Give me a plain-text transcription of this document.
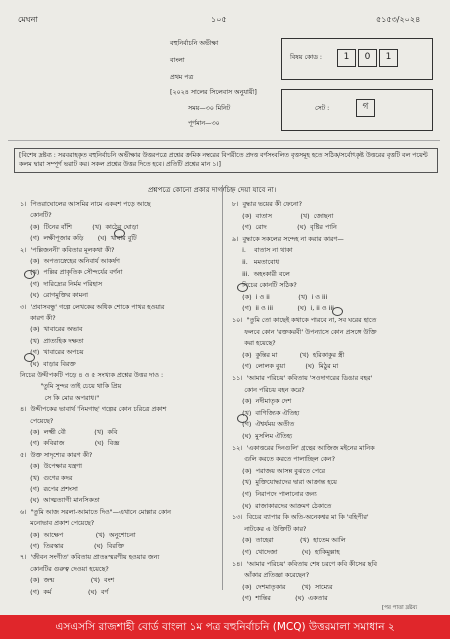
মেঘনা	১০৫	৫১৫৩/২০২৪
বহুনির্বাচনি অভীক্ষা
বাংলা
প্রথম পত্র
[২০২৪ সালের সিলেবাস অনুযায়ী]
সময়—৩০ মিনিট
পূর্ণমান—৩০
বিষয় কোড :	1	0	1
সেট :	গ
[বিশেষ দ্রষ্টব্য : সরবরাহকৃত বহুনির্বাচনি অভীক্ষার উত্তরপত্রে প্রশ্নের ক্রমিক নম্বরের বিপরীতে প্রদত্ত বর্ণসংবলিত বৃত্তসমূহ হতে সঠিক/সর্বোৎকৃষ্ট উত্তরের বৃত্তটি বল পয়েন্ট কলম দ্বারা সম্পূর্ণ ভরাট কর। সকল প্রশ্নের উত্তর দিতে হবে। প্রতিটি প্রশ্নের মান ১।]
প্রশ্নপত্রে কোনো প্রকার দাগ/চিহ্ন দেয়া যাবে না।
১।  পিতরাঘোলের আসমির নামে একবশ পড়ে আছে
কোনটি?
(ক)  টিনের বাঁশি          (খ)  কাঠের ঘোড়া
(গ)  লক্ষীপূজার কড়ি       (ঘ)  খাবার বুটি
২।  'পল্লিজননী' কবিতার মূলকথা কী?
(ক)  অপত্যস্নেহের অনিবার্য আকর্ষণ
(খ)  পল্লির প্রাকৃতিক সৌন্দর্যের বর্ণনা
(গ)  দারিদ্র্যের নির্মম পরিহাস
(ঘ)  রোগমুক্তির কামনা
৩।  'প্রবাসবন্ধু' গল্পে লেখকের অধিক শোকে পাথর হওয়ার
কারণ কী?
(ক)  খাবারের অভাব
(খ)  প্রাত্যহিক দক্ষতা
(গ)  খাবারের অপচয়
(ঘ)  বাড়ার বিরক্ত
নিচের উদ্দীপকটি পড়ে ৪ ও ৫ সংখ্যক প্রশ্নের উত্তর দাও :
"তুমি সুন্দর তাই চেয়ে থাকি প্রিয়
সে কি মোর অপরাধ।"
৪।  উদ্দীপকের ভাবার্থ 'নিমগাছ' গল্পের কোন চরিত্রে প্রকাশ
পেয়েছে?
(ক)  লক্ষ্মী বৌ              (খ)  কবি
(গ)  কবিরাজ               (ঘ)  বিজ্ঞ
৫।  উক্ত সাদৃশ্যের কারণ কী?
(ক)  উপেক্ষার যন্ত্রণা
(খ)  গুণের কদর
(গ)  রূপের প্রশংসা
(ঘ)  আত্মত্যাগী মানসিকতা
৬।  "তুমি আজ সরলা-আমাতে দিও"—এখানে মোল্লার কোন
মনোভাব প্রকাশ পেয়েছে?
(ক)  আক্ষেপ                (খ)  অনুশোচনা
(গ)  তিরস্কার               (ঘ)  বিরক্তি
৭।  'জীবন সংগীত' কবিতায় প্রাতঃস্মরণীয় হওয়ার জন্য
কোনটির গুরুত্ব দেওয়া হয়েছে?
(ক)  জন্ম                  (খ)  বংশ
(গ)  কর্ম                  (ঘ)  বর্ণ
৮।  বুদ্ধার ভয়ের কী ফেনো?
(ক)  বাতাস              (খ)  জোছনা
(গ)  রোদ               (ঘ)  বৃষ্টির পানি
৯।  বুদ্ধাকে সকলের সন্দেহ না করার কারণ—
i.    বাতাস না থাকা
ii.   মমতাবোধ
iii.  অহংকারী বলে
নিচের কোনটি সঠিক?
(ক)  i ও ii              (খ)  i ও iii
(গ)  ii ও iii            (ঘ)  i, ii ও iii
১০।  "তুমি তো কাছেই কথাকে পারবে না, সব ঘরের হাতে
ফলবে কোন 'রক্তকরবী' উপন্যাসে কোন প্রসঙ্গে উক্তি
করা হয়েছে?
(ক)  কুন্তির মা           (খ)  হরিকাকুর স্ত্রী
(গ)  লোলক বুয়া          (ঘ)  মিঠুর মা
১১।  'আমার পরিচয়' কবিতায় 'সওদাগরের ডিঙার বহর'
কোন পরিচয় বহন করে?
(ক)  নদীমাতৃক দেশ
(খ)  বাণিজ্যিক ঐতিহ্য
(গ)  ঐশ্বর্যময় অতীত
(ঘ)  মুসলিম ঐতিহ্য
১২।  'একাত্তরের দিনগুলি' গ্রন্থের আজিজ মইনের মানিক
গুলি করতে করতে পালাচ্ছিল কেন?
(ক)  পরাজয় আসন্ন বুঝতে পেরে
(খ)  মুক্তিযোদ্ধাদের দ্বারা আক্রান্ত হয়ে
(গ)  নিরাপদে পালানোর জন্য
(ঘ)  রাজাকারদের আক্রমণ ঠেকাতে
১৩।  বিচের ব্যাপার কি অতি-অনেকশ্বর মা কি 'বহিপীর'
নাটকের এ উক্তিটি কার?
(ক)  তাহেরা             (খ)  হাতেম আলি
(গ)  খোদেজা            (ঘ)  হাকিমুল্লাহ
১৪।  'আমার পরিচয়' কবিতায় শেষ চরণে কবি কীসের ছবি
আঁকার প্রতিজ্ঞা করেছেন?
(ক)  দেশমাতৃকার        (খ)  সাম্যের
(গ)  শান্তির            (ঘ)  একতার
[পর পাতা দ্রষ্টব্য
এসএসসি রাজশাহী বোর্ড বাংলা ১ম পত্র বহুনির্বাচনি (MCQ) উত্তরমালা সমাধান ২
